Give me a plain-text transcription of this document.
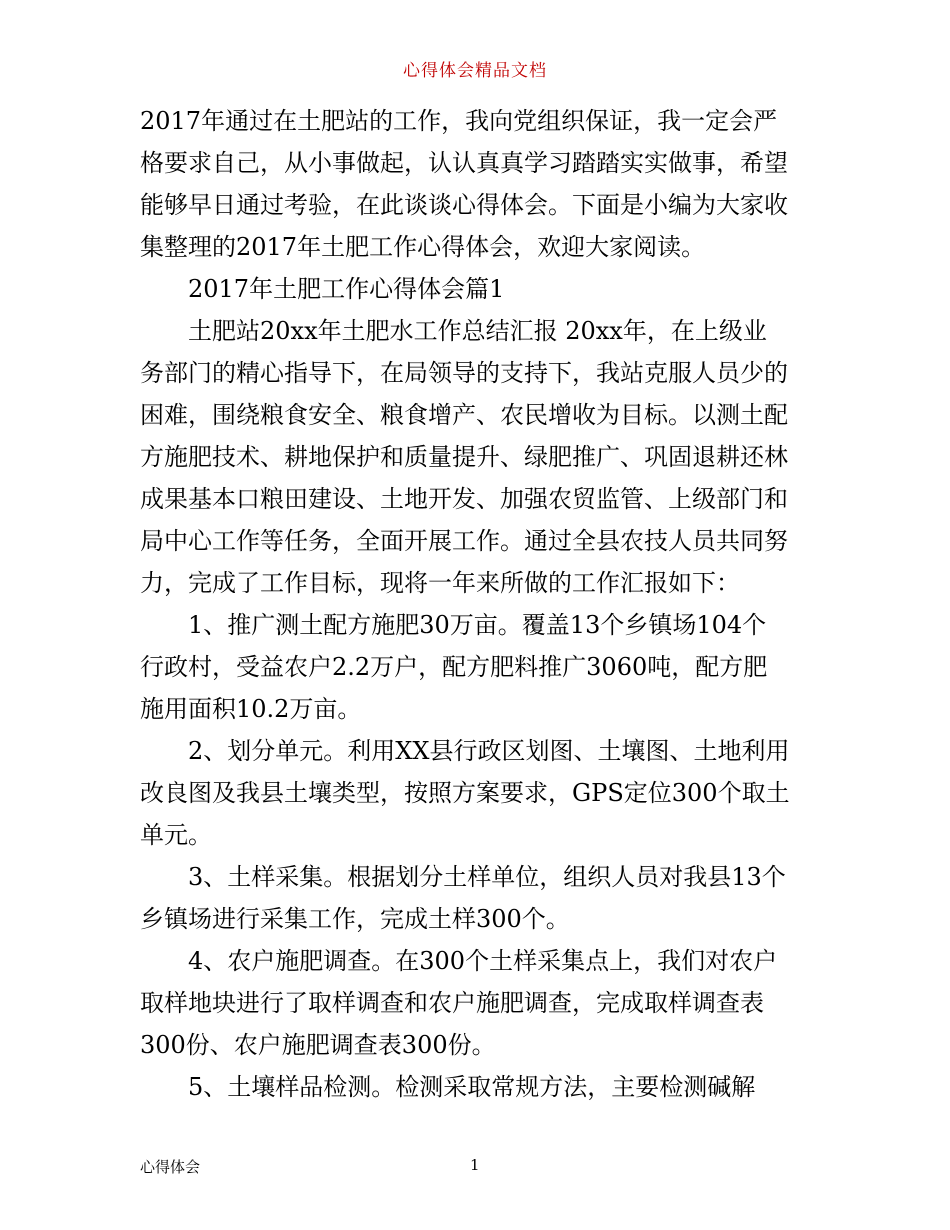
心得体会精品文档
2017年通过在土肥站的工作，我向党组织保证，我一定会严
格要求自己，从小事做起，认认真真学习踏踏实实做事，希望
能够早日通过考验，在此谈谈心得体会。下面是小编为大家收
集整理的2017年土肥工作心得体会，欢迎大家阅读。
2017年土肥工作心得体会篇1
土肥站20xx年土肥水工作总结汇报 20xx年，在上级业
务部门的精心指导下，在局领导的支持下，我站克服人员少的
困难，围绕粮食安全、粮食增产、农民增收为目标。以测土配
方施肥技术、耕地保护和质量提升、绿肥推广、巩固退耕还林
成果基本口粮田建设、土地开发、加强农贸监管、上级部门和
局中心工作等任务，全面开展工作。通过全县农技人员共同努
力，完成了工作目标，现将一年来所做的工作汇报如下：
1、推广测土配方施肥30万亩。覆盖13个乡镇场104个
行政村，受益农户2.2万户，配方肥料推广3060吨，配方肥
施用面积10.2万亩。
2、划分单元。利用XX县行政区划图、土壤图、土地利用
改良图及我县土壤类型，按照方案要求，GPS定位300个取土
单元。
3、土样采集。根据划分土样单位，组织人员对我县13个
乡镇场进行采集工作，完成土样300个。
4、农户施肥调查。在300个土样采集点上，我们对农户
取样地块进行了取样调查和农户施肥调查，完成取样调查表
300份、农户施肥调查表300份。
5、土壤样品检测。检测采取常规方法，主要检测碱解
心得体会	1
